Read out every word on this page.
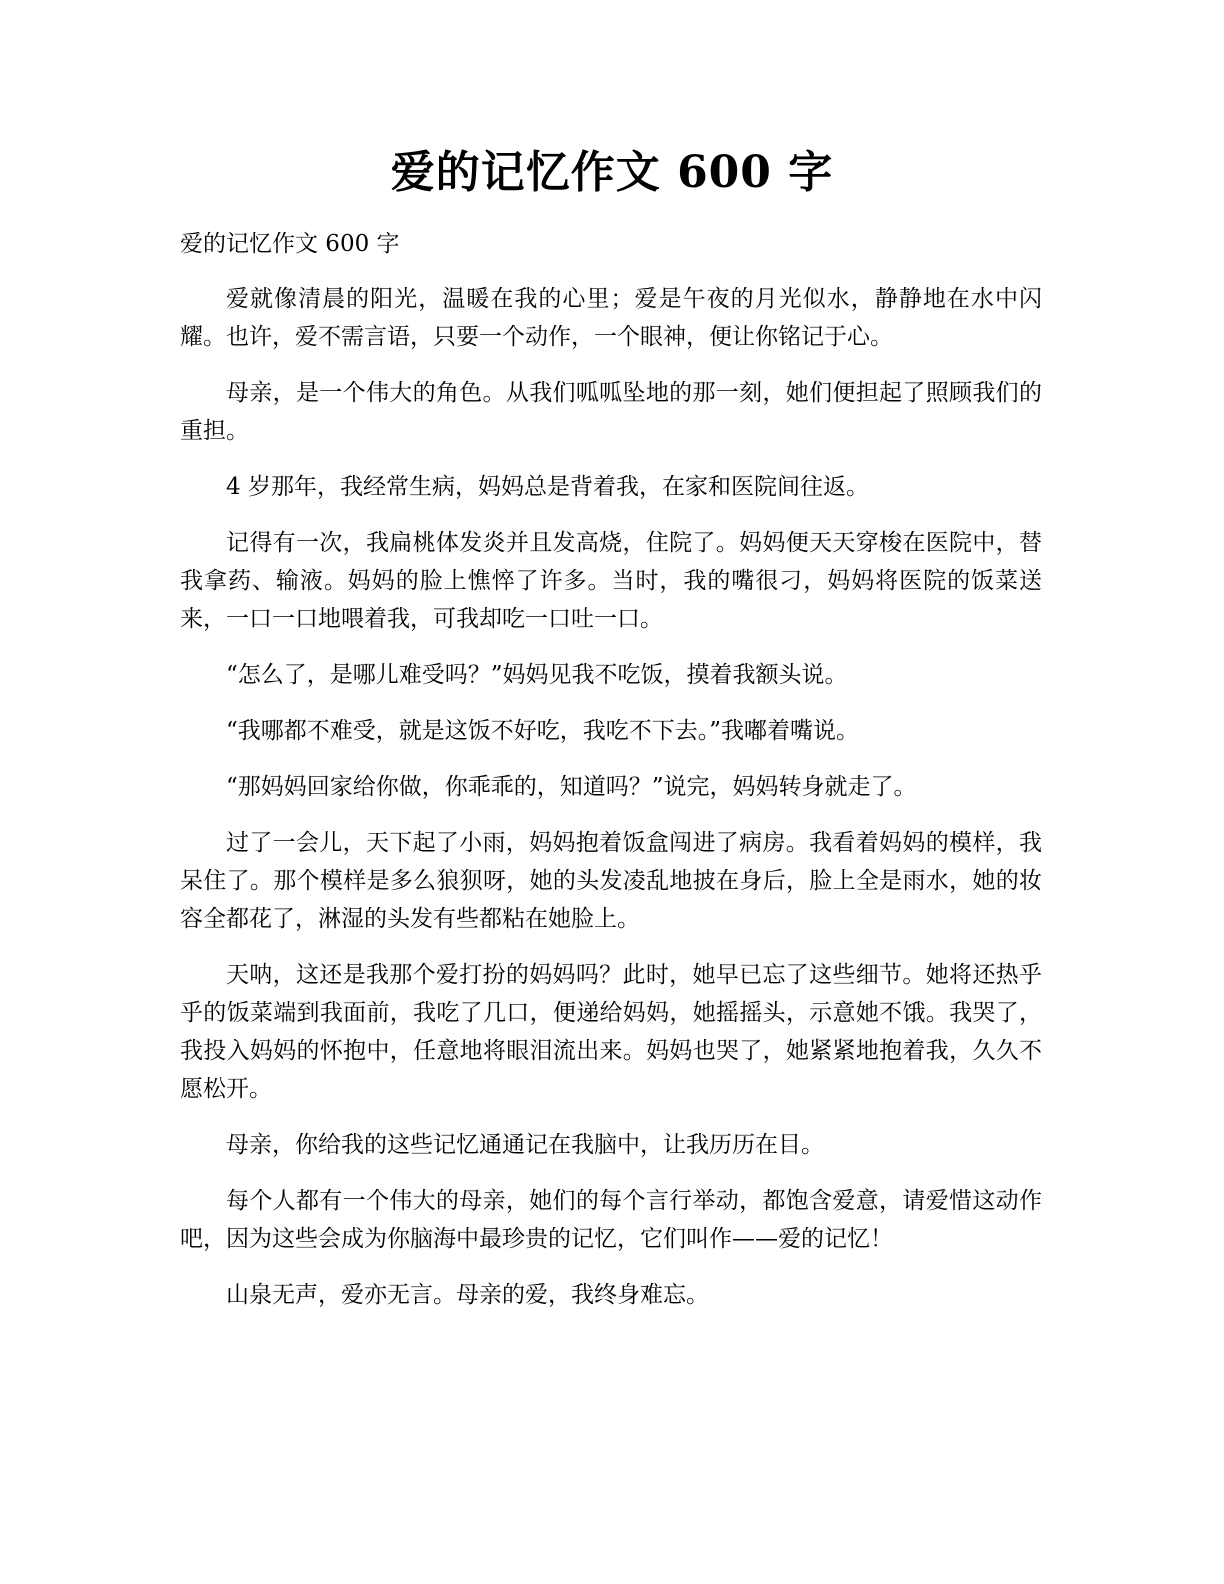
爱的记忆作文 600 字
爱的记忆作文 600 字

爱就像清晨的阳光，温暖在我的心里；爱是午夜的月光似水，静静地在水中闪耀。也许，爱不需言语，只要一个动作，一个眼神，便让你铭记于心。

母亲，是一个伟大的角色。从我们呱呱坠地的那一刻，她们便担起了照顾我们的重担。

4 岁那年，我经常生病，妈妈总是背着我，在家和医院间往返。

记得有一次，我扁桃体发炎并且发高烧，住院了。妈妈便天天穿梭在医院中，替我拿药、输液。妈妈的脸上憔悴了许多。当时，我的嘴很刁，妈妈将医院的饭菜送来，一口一口地喂着我，可我却吃一口吐一口。

“怎么了，是哪儿难受吗？”妈妈见我不吃饭，摸着我额头说。

“我哪都不难受，就是这饭不好吃，我吃不下去。”我嘟着嘴说。

“那妈妈回家给你做，你乖乖的，知道吗？”说完，妈妈转身就走了。

过了一会儿，天下起了小雨，妈妈抱着饭盒闯进了病房。我看着妈妈的模样，我呆住了。那个模样是多么狼狈呀，她的头发凌乱地披在身后，脸上全是雨水，她的妆容全都花了，淋湿的头发有些都粘在她脸上。

天呐，这还是我那个爱打扮的妈妈吗？此时，她早已忘了这些细节。她将还热乎乎的饭菜端到我面前，我吃了几口，便递给妈妈，她摇摇头，示意她不饿。我哭了，我投入妈妈的怀抱中，任意地将眼泪流出来。妈妈也哭了，她紧紧地抱着我，久久不愿松开。

母亲，你给我的这些记忆通通记在我脑中，让我历历在目。

每个人都有一个伟大的母亲，她们的每个言行举动，都饱含爱意，请爱惜这动作吧，因为这些会成为你脑海中最珍贵的记忆，它们叫作——爱的记忆！

山泉无声，爱亦无言。母亲的爱，我终身难忘。
